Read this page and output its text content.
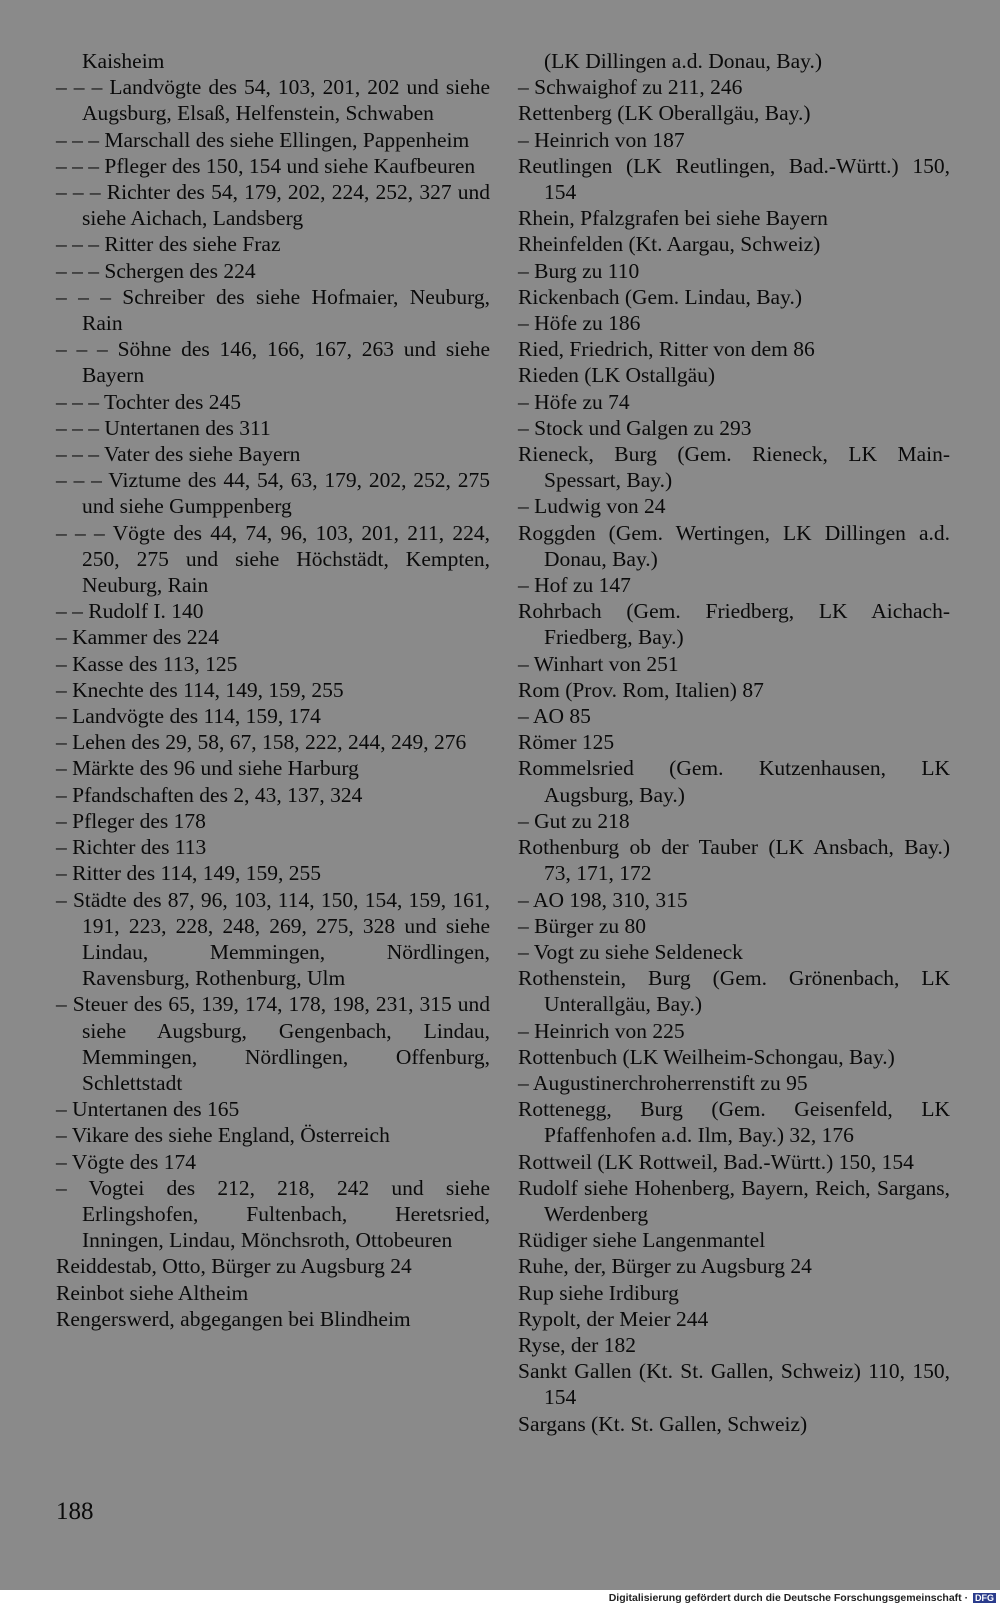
Kaisheim
– – – Landvögte des 54, 103, 201, 202 und siehe Augsburg, Elsaß, Helfenstein, Schwaben
– – – Marschall des siehe Ellingen, Pappenheim
– – – Pfleger des 150, 154 und siehe Kaufbeuren
– – – Richter des 54, 179, 202, 224, 252, 327 und siehe Aichach, Landsberg
– – – Ritter des siehe Fraz
– – – Schergen des 224
– – – Schreiber des siehe Hofmaier, Neuburg, Rain
– – – Söhne des 146, 166, 167, 263 und siehe Bayern
– – – Tochter des 245
– – – Untertanen des 311
– – – Vater des siehe Bayern
– – – Viztume des 44, 54, 63, 179, 202, 252, 275 und siehe Gumppenberg
– – – Vögte des 44, 74, 96, 103, 201, 211, 224, 250, 275 und siehe Höchstädt, Kempten, Neuburg, Rain
– – Rudolf I. 140
– Kammer des 224
– Kasse des 113, 125
– Knechte des 114, 149, 159, 255
– Landvögte des 114, 159, 174
– Lehen des 29, 58, 67, 158, 222, 244, 249, 276
– Märkte des 96 und siehe Harburg
– Pfandschaften des 2, 43, 137, 324
– Pfleger des 178
– Richter des 113
– Ritter des 114, 149, 159, 255
– Städte des 87, 96, 103, 114, 150, 154, 159, 161, 191, 223, 228, 248, 269, 275, 328 und siehe Lindau, Memmingen, Nördlingen, Ravensburg, Rothenburg, Ulm
– Steuer des 65, 139, 174, 178, 198, 231, 315 und siehe Augsburg, Gengenbach, Lindau, Memmingen, Nördlingen, Offenburg, Schlettstadt
– Untertanen des 165
– Vikare des siehe England, Österreich
– Vögte des 174
– Vogtei des 212, 218, 242 und siehe Erlingshofen, Fultenbach, Heretsried, Inningen, Lindau, Mönchsroth, Ottobeuren
Reiddestab, Otto, Bürger zu Augsburg 24
Reinbot siehe Altheim
Rengerswerd, abgegangen bei Blindheim
(LK Dillingen a.d. Donau, Bay.)
– Schwaighof zu 211, 246
Rettenberg (LK Oberallgäu, Bay.)
– Heinrich von 187
Reutlingen (LK Reutlingen, Bad.-Württ.) 150, 154
Rhein, Pfalzgrafen bei siehe Bayern
Rheinfelden (Kt. Aargau, Schweiz)
– Burg zu 110
Rickenbach (Gem. Lindau, Bay.)
– Höfe zu 186
Ried, Friedrich, Ritter von dem 86
Rieden (LK Ostallgäu)
– Höfe zu 74
– Stock und Galgen zu 293
Rieneck, Burg (Gem. Rieneck, LK Main-Spessart, Bay.)
– Ludwig von 24
Roggden (Gem. Wertingen, LK Dillingen a.d. Donau, Bay.)
– Hof zu 147
Rohrbach (Gem. Friedberg, LK Aichach-Friedberg, Bay.)
– Winhart von 251
Rom (Prov. Rom, Italien) 87
– AO 85
Römer 125
Rommelsried (Gem. Kutzenhausen, LK Augsburg, Bay.)
– Gut zu 218
Rothenburg ob der Tauber (LK Ansbach, Bay.) 73, 171, 172
– AO 198, 310, 315
– Bürger zu 80
– Vogt zu siehe Seldeneck
Rothenstein, Burg (Gem. Grönenbach, LK Unterallgäu, Bay.)
– Heinrich von 225
Rottenbuch (LK Weilheim-Schongau, Bay.)
– Augustinerchroherrenstift zu 95
Rottenegg, Burg (Gem. Geisenfeld, LK Pfaffenhofen a.d. Ilm, Bay.) 32, 176
Rottweil (LK Rottweil, Bad.-Württ.) 150, 154
Rudolf siehe Hohenberg, Bayern, Reich, Sargans, Werdenberg
Rüdiger siehe Langenmantel
Ruhe, der, Bürger zu Augsburg 24
Rup siehe Irdiburg
Rypolt, der Meier 244
Ryse, der 182
Sankt Gallen (Kt. St. Gallen, Schweiz) 110, 150, 154
Sargans (Kt. St. Gallen, Schweiz)
188
Digitalisierung gefördert durch die Deutsche Forschungsgemeinschaft · DFG
